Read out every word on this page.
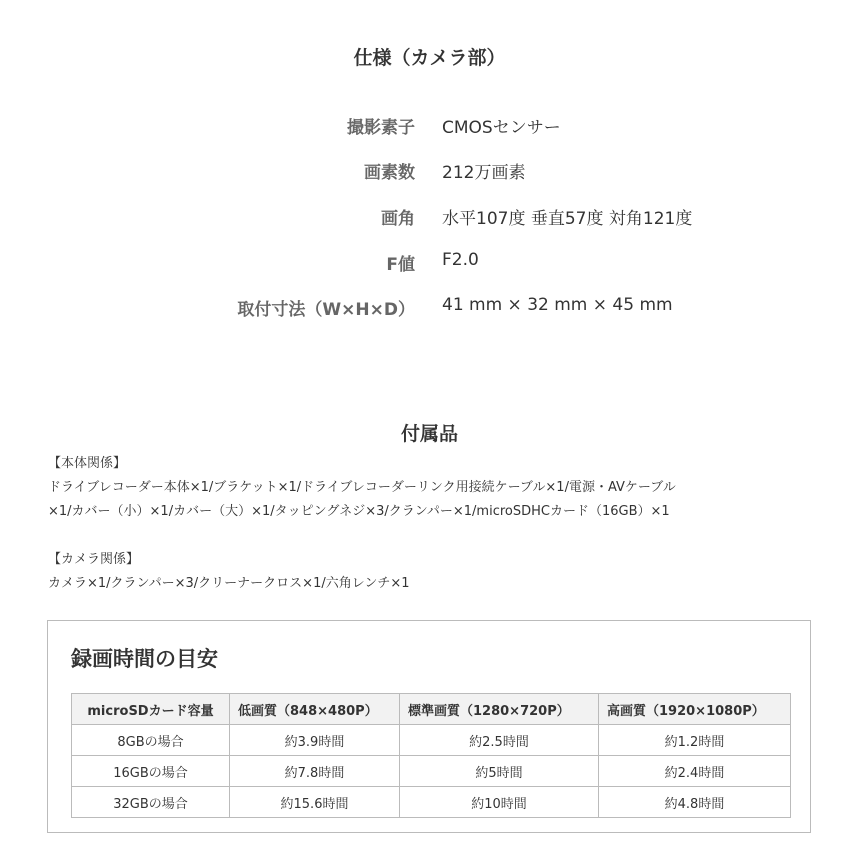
仕様（カメラ部）
撮影素子 CMOSセンサー
画素数 212万画素
画角 水平107度 垂直57度 対角121度
F値 F2.0
取付寸法（W×H×D） 41 mm × 32 mm × 45 mm
付属品
【本体関係】
ドライブレコーダー本体×1/ブラケット×1/ドライブレコーダーリンク用接続ケーブル×1/電源・AVケーブル
×1/カバー（小）×1/カバー（大）×1/タッピングネジ×3/クランパー×1/microSDHCカード（16GB）×1
【カメラ関係】
カメラ×1/クランパー×3/クリーナークロス×1/六角レンチ×1
録画時間の目安
microSDカード容量	低画質（848×480P）	標準画質（1280×720P）	高画質（1920×1080P）
8GBの場合	約3.9時間	約2.5時間	約1.2時間
16GBの場合	約7.8時間	約5時間	約2.4時間
32GBの場合	約15.6時間	約10時間	約4.8時間
